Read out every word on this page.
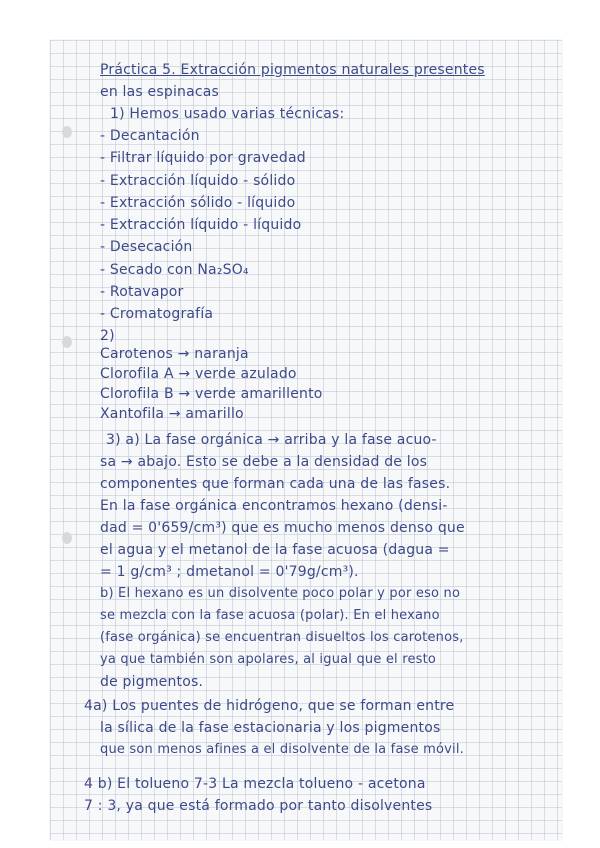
Práctica 5. Extracción pigmentos naturales presentes
en las espinacas
1) Hemos usado varias técnicas:
- Decantación
- Filtrar líquido por gravedad
- Extracción líquido - sólido
- Extracción sólido - líquido
- Extracción líquido - líquido
- Desecación
- Secado con Na₂SO₄
- Rotavapor
- Cromatografía
2)
Carotenos → naranja
Clorofila A → verde azulado
Clorofila B → verde amarillento
Xantofila → amarillo
3) a) La fase orgánica → arriba y la fase acuo-
sa → abajo. Esto se debe a la densidad de los
componentes que forman cada una de las fases.
En la fase orgánica encontramos hexano (densi-
dad = 0'659/cm³) que es mucho menos denso que
el agua y el metanol de la fase acuosa (dagua =
= 1 g/cm³ ; dmetanol = 0'79g/cm³).
b) El hexano es un disolvente poco polar y por eso no
se mezcla con la fase acuosa (polar). En el hexano
(fase orgánica) se encuentran disueltos los carotenos,
ya que también son apolares, al igual que el resto
de pigmentos.
4a) Los puentes de hidrógeno, que se forman entre
la sílica de la fase estacionaria y los pigmentos
que son menos afines a el disolvente de la fase móvil.
4 b) El tolueno 7-3 La mezcla tolueno - acetona
7 : 3, ya que está formado por tanto disolventes
